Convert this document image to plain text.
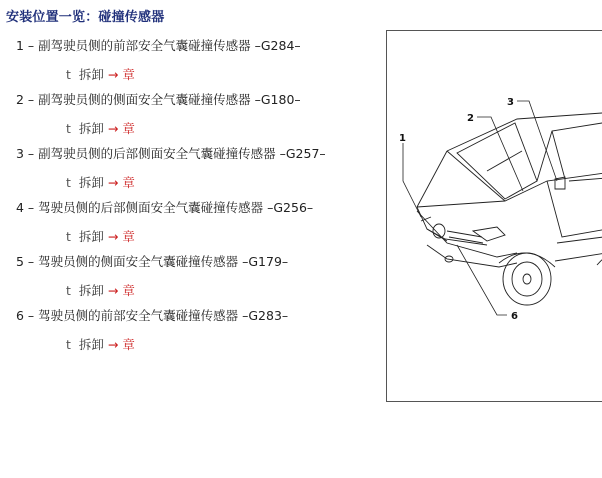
安装位置一览：碰撞传感器
1 – 副驾驶员侧的前部安全气囊碰撞传感器 –G284–
t 拆卸 → 章
2 – 副驾驶员侧的侧面安全气囊碰撞传感器 –G180–
t 拆卸 → 章
3 – 副驾驶员侧的后部侧面安全气囊碰撞传感器 –G257–
t 拆卸 → 章
4 – 驾驶员侧的后部侧面安全气囊碰撞传感器 –G256–
t 拆卸 → 章
5 – 驾驶员侧的侧面安全气囊碰撞传感器 –G179–
t 拆卸 → 章
6 – 驾驶员侧的前部安全气囊碰撞传感器 –G283–
t 拆卸 → 章
1
2
3
6
